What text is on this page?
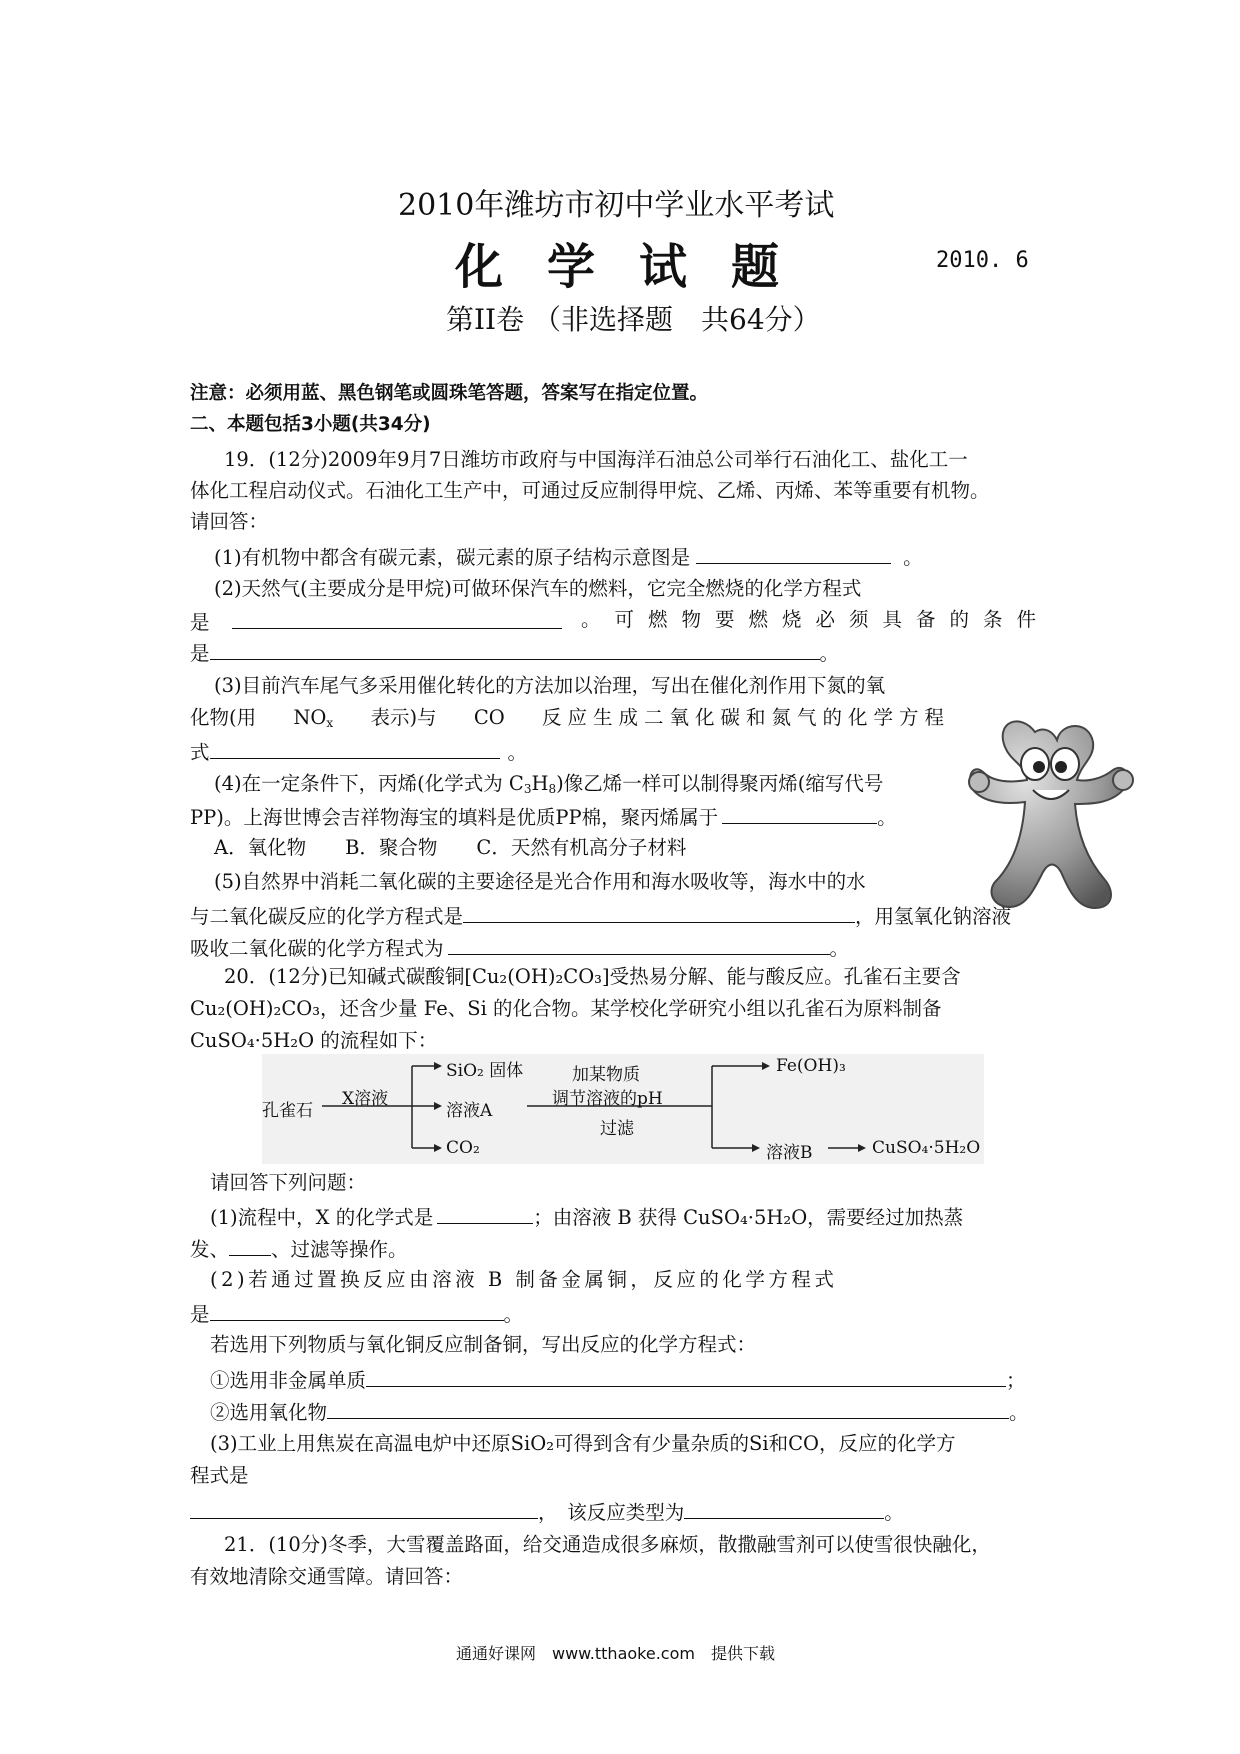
2010年潍坊市初中学业水平考试
化学试题	2010. 6
第II卷 （非选择题　共64分）
注意：必须用蓝、黑色钢笔或圆珠笔答题，答案写在指定位置。
二、本题包括3小题(共34分)
19．(12分)2009年9月7日潍坊市政府与中国海洋石油总公司举行石油化工、盐化工一
体化工程启动仪式。石油化工生产中，可通过反应制得甲烷、乙烯、丙烯、苯等重要有机物。
请回答：
(1)有机物中都含有碳元素，碳元素的原子结构示意图是	。
(2)天然气(主要成分是甲烷)可做环保汽车的燃料，它完全燃烧的化学方程式
是	。可燃物要燃烧必须具备的条件
是	。
(3)目前汽车尾气多采用催化转化的方法加以治理，写出在催化剂作用下氮的氧
化物(用 $NO_x$ 表示)与 CO 反应生成二氧化碳和氮气的化学方程
式	。
(4)在一定条件下，丙烯(化学式为 $C_3H_8$)像乙烯一样可以制得聚丙烯(缩写代号
PP)。上海世博会吉祥物海宝的填料是优质PP棉，聚丙烯属于	。
A．氧化物　　B．聚合物　　C．天然有机高分子材料
(5)自然界中消耗二氧化碳的主要途径是光合作用和海水吸收等，海水中的水
与二氧化碳反应的化学方程式是	，用氢氧化钠溶液
吸收二氧化碳的化学方程式为	。
20．(12分)已知碱式碳酸铜[Cu₂(OH)₂CO₃]受热易分解、能与酸反应。孔雀石主要含
Cu₂(OH)₂CO₃，还含少量 Fe、Si 的化合物。某学校化学研究小组以孔雀石为原料制备
CuSO₄·5H₂O 的流程如下：
孔雀石
X溶液
SiO₂ 固体
溶液A
CO₂
加某物质
调节溶液的pH
过滤
Fe(OH)₃
溶液B	CuSO₄·5H₂O
请回答下列问题：
(1)流程中，X 的化学式是	；由溶液 B 获得 CuSO₄·5H₂O，需要经过加热蒸
发、 、过滤等操作。
(2)若通过置换反应由溶液 B 制备金属铜，反应的化学方程式
是	。
若选用下列物质与氧化铜反应制备铜，写出反应的化学方程式：
①选用非金属单质	；
②选用氧化物	。
(3)工业上用焦炭在高温电炉中还原SiO₂可得到含有少量杂质的Si和CO，反应的化学方
程式是
，　该反应类型为	。
21．(10分)冬季，大雪覆盖路面，给交通造成很多麻烦，散撒融雪剂可以使雪很快融化，
有效地清除交通雪障。请回答：
通通好课网　www.tthaoke.com　提供下载
